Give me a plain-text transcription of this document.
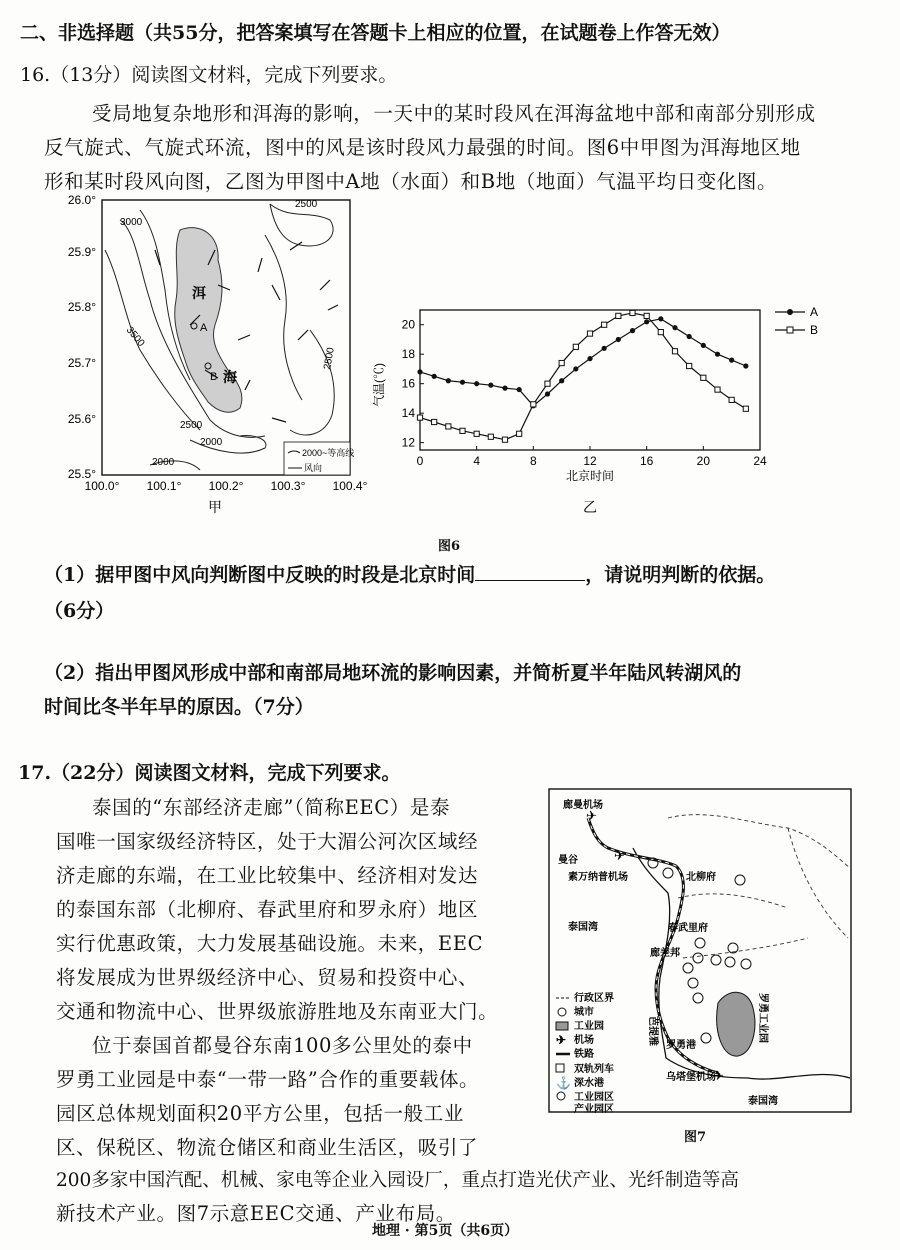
二、非选择题（共55分，把答案填写在答题卡上相应的位置，在试题卷上作答无效）
16.（13分）阅读图文材料，完成下列要求。
受局地复杂地形和洱海的影响，一天中的某时段风在洱海盆地中部和南部分别形成
反气旋式、气旋式环流，图中的风是该时段风力最强的时间。图6中甲图为洱海地区地
形和某时段风向图，乙图为甲图中A地（水面）和B地（地面）气温平均日变化图。
26.0°
25.9°
25.8°
25.7°
25.6°
25.5°
100.0° 100.1° 100.2° 100.3° 100.4°
3000
2500
3500
2500
2500
2000
2000
洱
海
A
B
2000~等高线
风向
甲
0	4	8	12	16	20	24
12
14
16
18
20
气温(℃)
北京时间
乙
A
B
图6
（1）据甲图中风向判断图中反映的时段是北京时间	，请说明判断的依据。
（6分）
（2）指出甲图风形成中部和南部局地环流的影响因素，并简析夏半年陆风转湖风的
时间比冬半年早的原因。（7分）
17.（22分）阅读图文材料，完成下列要求。
泰国的“东部经济走廊”（简称EEC）是泰
国唯一国家级经济特区，处于大湄公河次区域经
济走廊的东端，在工业比较集中、经济相对发达
的泰国东部（北柳府、春武里府和罗永府）地区
实行优惠政策，大力发展基础设施。未来，EEC
将发展成为世界级经济中心、贸易和投资中心、
交通和物流中心、世界级旅游胜地及东南亚大门。
位于泰国首都曼谷东南100多公里处的泰中
罗勇工业园是中泰“一带一路”合作的重要载体。
园区总体规划面积20平方公里，包括一般工业
区、保税区、物流仓储区和商业生活区，吸引了
200多家中国汽配、机械、家电等企业入园设厂，重点打造光伏产业、光纤制造等高
新技术产业。图7示意EEC交通、产业布局。
✈
✈
✈
廊曼机场
曼谷
素万纳普机场	北柳府
泰国湾	春武里府
廊差邦
芭提雅 罗勇港
乌塔堡机场
罗勇工业园
泰国湾
行政区界
城市
工业园
✈ 机场
铁路
双轨列车
⚓ 深水港
工业园区
产业园区
图7
地理 · 第5页（共6页）
